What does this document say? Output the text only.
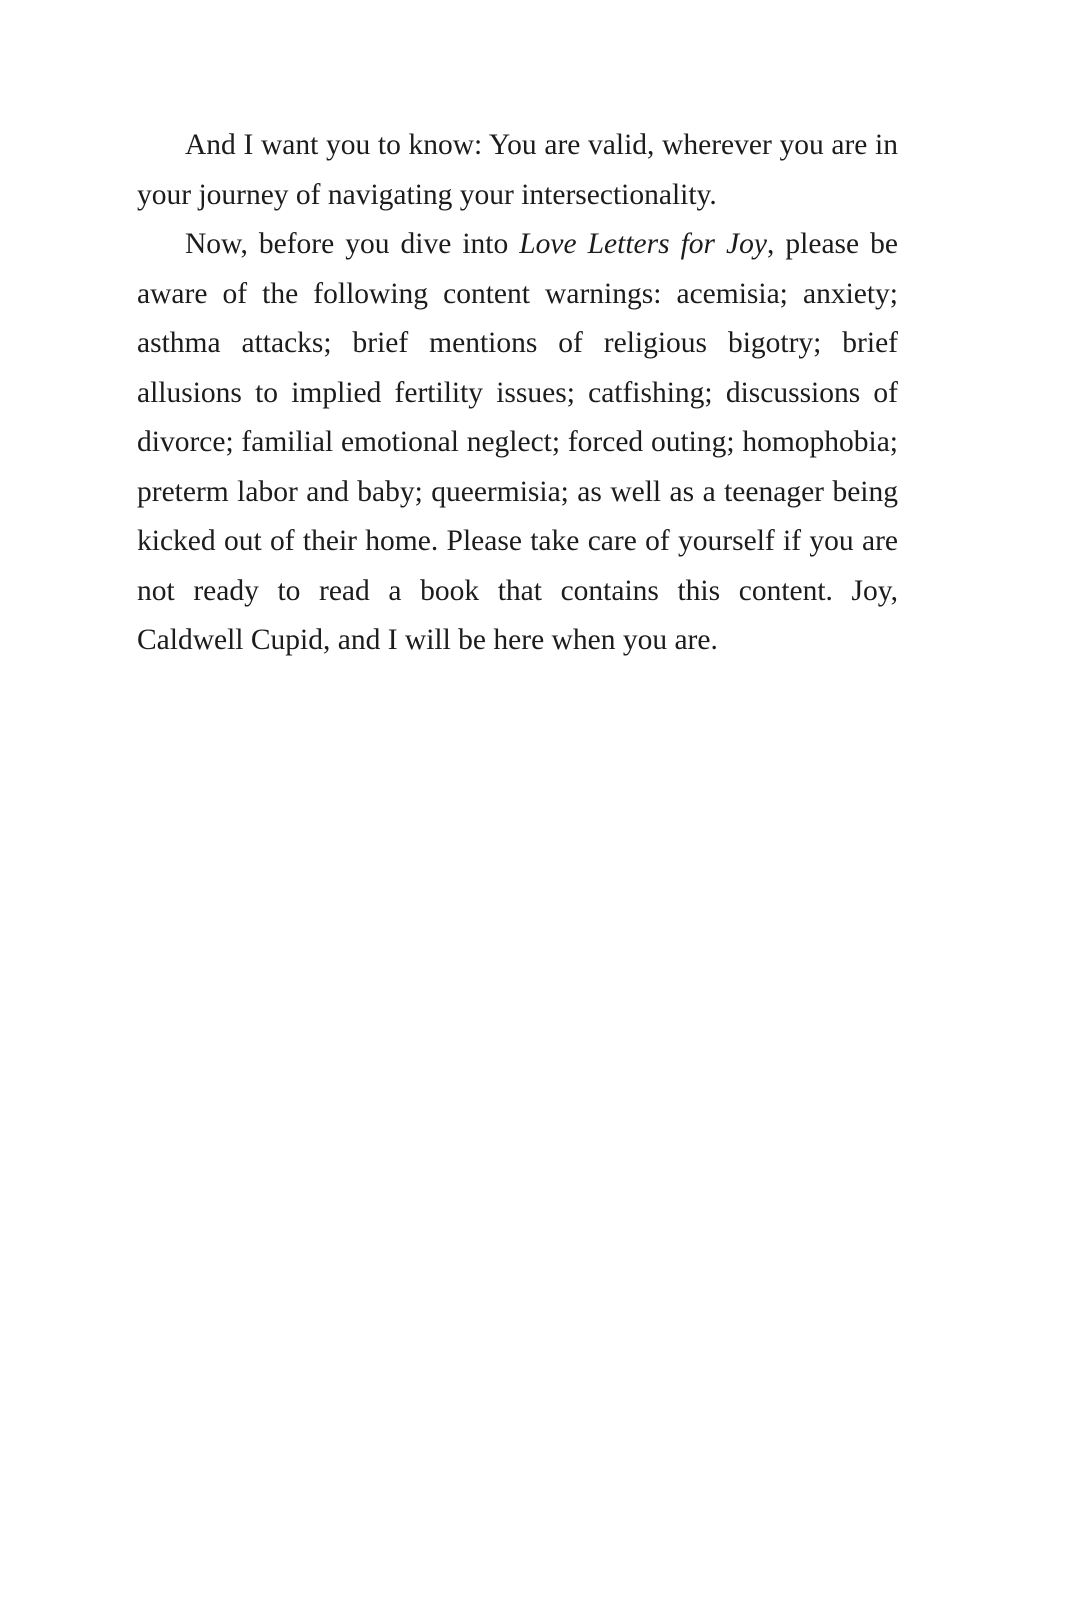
And I want you to know: You are valid, wherever you are in your journey of navigating your intersectionality.

Now, before you dive into Love Letters for Joy, please be aware of the following content warnings: acemisia; anxiety; asthma attacks; brief mentions of religious bigotry; brief allusions to implied fertility issues; catfishing; discussions of divorce; familial emotional neglect; forced outing; homophobia; preterm labor and baby; queermisia; as well as a teenager being kicked out of their home. Please take care of yourself if you are not ready to read a book that contains this content. Joy, Caldwell Cupid, and I will be here when you are.
